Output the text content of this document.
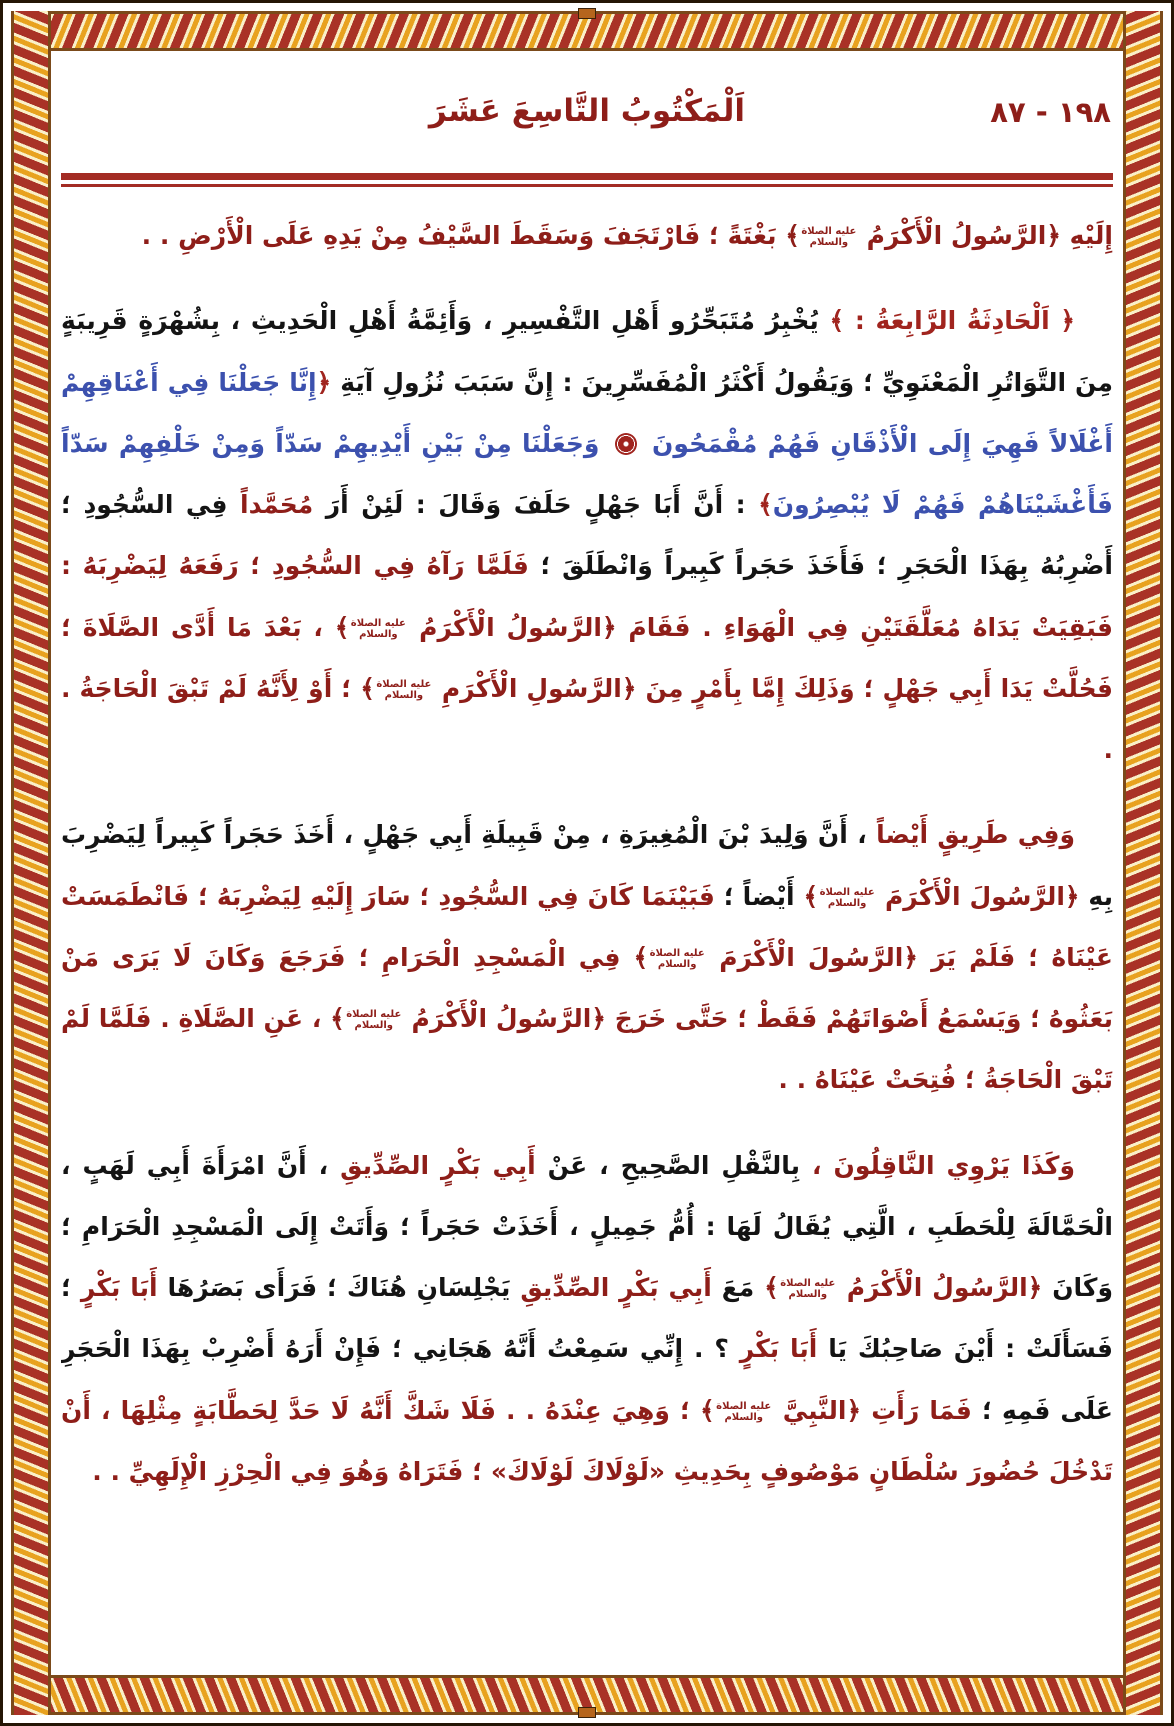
١٩٨ - ٨٧
اَلْمَكْتُوبُ التَّاسِعَ عَشَرَ

إِلَيْهِ ﴿الرَّسُولُ الْأَكْرَمُ عليه الصلاة والسلام﴾ بَغْتَةً ؛ فَارْتَجَفَ وَسَقَطَ السَّيْفُ مِنْ يَدِهِ عَلَى الْأَرْضِ . .

﴿ اَلْحَادِثَةُ الرَّابِعَةُ : ﴾ يُخْبِرُ مُتَبَحِّرُو أَهْلِ التَّفْسِيرِ ، وَأَئِمَّةُ أَهْلِ الْحَدِيثِ ، بِشُهْرَةٍ قَرِيبَةٍ مِنَ التَّوَاتُرِ الْمَعْنَوِيِّ ؛ وَيَقُولُ أَكْثَرُ الْمُفَسِّرِينَ : إِنَّ سَبَبَ نُزُولِ آيَةِ ﴿إِنَّا جَعَلْنَا فِي أَعْنَاقِهِمْ أَغْلَالاً فَهِيَ إِلَى الْأَذْقَانِ فَهُمْ مُقْمَحُونَ  وَجَعَلْنَا مِنْ بَيْنِ أَيْدِيهِمْ سَدّاً وَمِنْ خَلْفِهِمْ سَدّاً فَأَغْشَيْنَاهُمْ فَهُمْ لَا يُبْصِرُونَ﴾ : أَنَّ أَبَا جَهْلٍ حَلَفَ وَقَالَ : لَئِنْ أَرَ مُحَمَّداً فِي السُّجُودِ ؛ أَضْرِبُهُ بِهَذَا الْحَجَرِ ؛ فَأَخَذَ حَجَراً كَبِيراً وَانْطَلَقَ ؛ فَلَمَّا رَآهُ فِي السُّجُودِ ؛ رَفَعَهُ لِيَضْرِبَهُ : فَبَقِيَتْ يَدَاهُ مُعَلَّقَتَيْنِ فِي الْهَوَاءِ . فَقَامَ ﴿الرَّسُولُ الْأَكْرَمُ عليه الصلاة والسلام﴾ ، بَعْدَ مَا أَدَّى الصَّلَاةَ ؛ فَحُلَّتْ يَدَا أَبِي جَهْلٍ ؛ وَذَلِكَ إِمَّا بِأَمْرٍ مِنَ ﴿الرَّسُولِ الْأَكْرَمِ عليه الصلاة والسلام﴾ ؛ أَوْ لِأَنَّهُ لَمْ تَبْقَ الْحَاجَةُ . .

وَفِي طَرِيقٍ أَيْضاً ، أَنَّ وَلِيدَ بْنَ الْمُغِيرَةِ ، مِنْ قَبِيلَةِ أَبِي جَهْلٍ ، أَخَذَ حَجَراً كَبِيراً لِيَضْرِبَ بِهِ ﴿الرَّسُولَ الْأَكْرَمَ عليه الصلاة والسلام﴾ أَيْضاً ؛ فَبَيْنَمَا كَانَ فِي السُّجُودِ ؛ سَارَ إِلَيْهِ لِيَضْرِبَهُ ؛ فَانْطَمَسَتْ عَيْنَاهُ ؛ فَلَمْ يَرَ ﴿الرَّسُولَ الْأَكْرَمَ عليه الصلاة والسلام﴾ فِي الْمَسْجِدِ الْحَرَامِ ؛ فَرَجَعَ وَكَانَ لَا يَرَى مَنْ بَعَثُوهُ ؛ وَيَسْمَعُ أَصْوَاتَهُمْ فَقَطْ ؛ حَتَّى خَرَجَ ﴿الرَّسُولُ الْأَكْرَمُ عليه الصلاة والسلام﴾ ، عَنِ الصَّلَاةِ . فَلَمَّا لَمْ تَبْقَ الْحَاجَةُ ؛ فُتِحَتْ عَيْنَاهُ . .

وَكَذَا يَرْوِي النَّاقِلُونَ ، بِالنَّقْلِ الصَّحِيحِ ، عَنْ أَبِي بَكْرٍ الصِّدِّيقِ ، أَنَّ امْرَأَةَ أَبِي لَهَبٍ ، الْحَمَّالَةَ لِلْحَطَبِ ، الَّتِي يُقَالُ لَهَا : أُمُّ جَمِيلٍ ، أَخَذَتْ حَجَراً ؛ وَأَتَتْ إِلَى الْمَسْجِدِ الْحَرَامِ ؛ وَكَانَ ﴿الرَّسُولُ الْأَكْرَمُ عليه الصلاة والسلام﴾ مَعَ أَبِي بَكْرٍ الصِّدِّيقِ يَجْلِسَانِ هُنَاكَ ؛ فَرَأَى بَصَرُهَا أَبَا بَكْرٍ ؛ فَسَأَلَتْ : أَيْنَ صَاحِبُكَ يَا أَبَا بَكْرٍ ؟ . إِنِّي سَمِعْتُ أَنَّهُ هَجَانِي ؛ فَإِنْ أَرَهُ أَضْرِبْ بِهَذَا الْحَجَرِ عَلَى فَمِهِ ؛ فَمَا رَأَتِ ﴿النَّبِيَّ عليه الصلاة والسلام﴾ ؛ وَهِيَ عِنْدَهُ . . فَلَا شَكَّ أَنَّهُ لَا حَدَّ لِحَطَّابَةٍ مِثْلِهَا ، أَنْ تَدْخُلَ حُضُورَ سُلْطَانٍ مَوْصُوفٍ بِحَدِيثِ «لَوْلَاكَ لَوْلَاكَ» ؛ فَتَرَاهُ وَهُوَ فِي الْحِرْزِ الْإِلَهِيِّ . .
